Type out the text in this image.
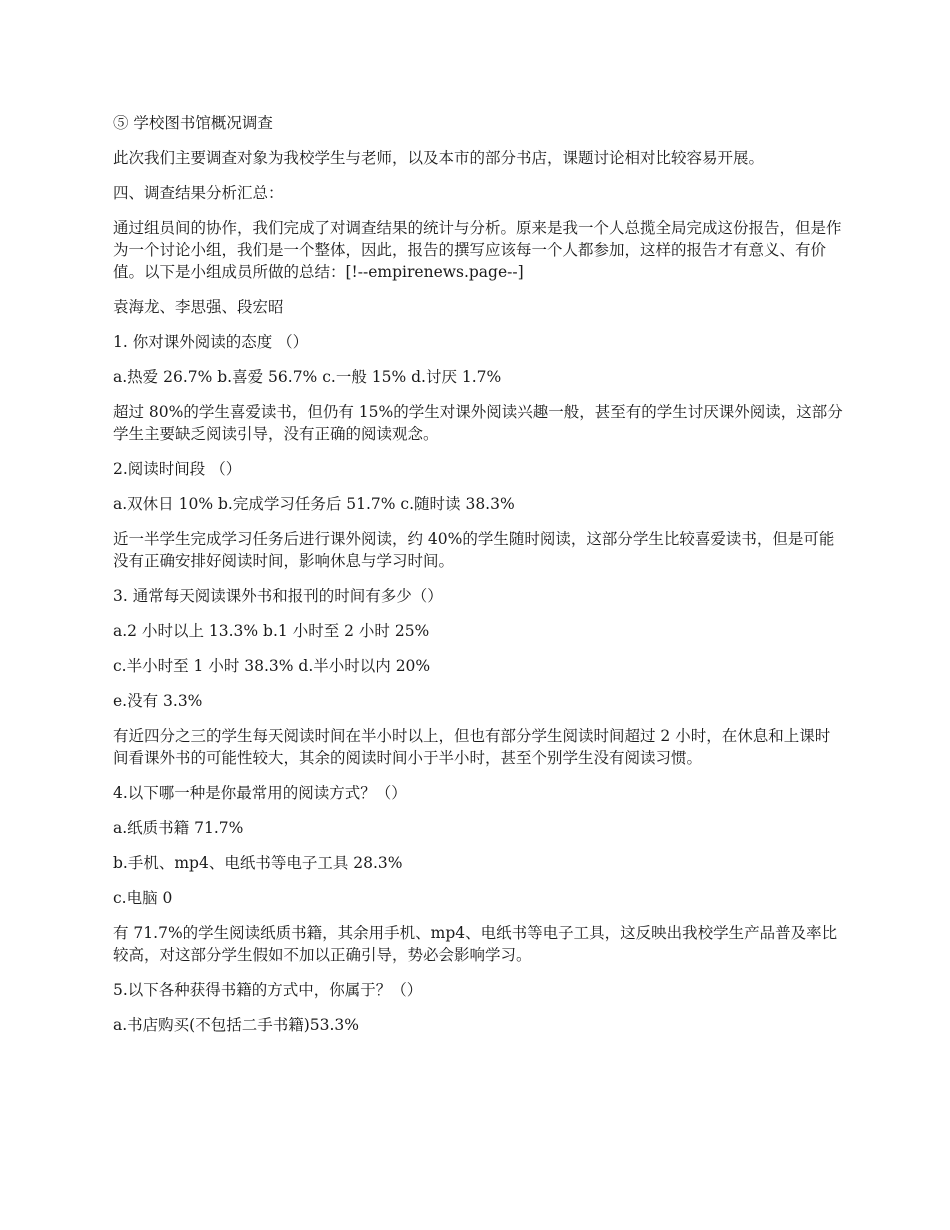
⑤ 学校图书馆概况调查

此次我们主要调查对象为我校学生与老师，以及本市的部分书店，课题讨论相对比较容易开展。

四、调查结果分析汇总：

通过组员间的协作，我们完成了对调查结果的统计与分析。原来是我一个人总揽全局完成这份报告，但是作为一个讨论小组，我们是一个整体，因此，报告的撰写应该每一个人都参加，这样的报告才有意义、有价值。以下是小组成员所做的总结：[!--empirenews.page--]

袁海龙、李思强、段宏昭

1. 你对课外阅读的态度 （）

a.热爱 26.7% b.喜爱 56.7% c.一般 15% d.讨厌 1.7%

超过 80%的学生喜爱读书，但仍有 15%的学生对课外阅读兴趣一般，甚至有的学生讨厌课外阅读，这部分学生主要缺乏阅读引导，没有正确的阅读观念。

2.阅读时间段 （）

a.双休日 10% b.完成学习任务后 51.7% c.随时读 38.3%

近一半学生完成学习任务后进行课外阅读，约 40%的学生随时阅读，这部分学生比较喜爱读书，但是可能没有正确安排好阅读时间，影响休息与学习时间。

3. 通常每天阅读课外书和报刊的时间有多少（）

a.2 小时以上 13.3% b.1 小时至 2 小时 25%

c.半小时至 1 小时 38.3% d.半小时以内 20%

e.没有 3.3%

有近四分之三的学生每天阅读时间在半小时以上，但也有部分学生阅读时间超过 2 小时，在休息和上课时间看课外书的可能性较大，其余的阅读时间小于半小时，甚至个别学生没有阅读习惯。

4.以下哪一种是你最常用的阅读方式？（）

a.纸质书籍 71.7%

b.手机、mp4、电纸书等电子工具 28.3%

c.电脑 0

有 71.7%的学生阅读纸质书籍，其余用手机、mp4、电纸书等电子工具，这反映出我校学生产品普及率比较高，对这部分学生假如不加以正确引导，势必会影响学习。

5.以下各种获得书籍的方式中，你属于？（）

a.书店购买(不包括二手书籍)53.3%
